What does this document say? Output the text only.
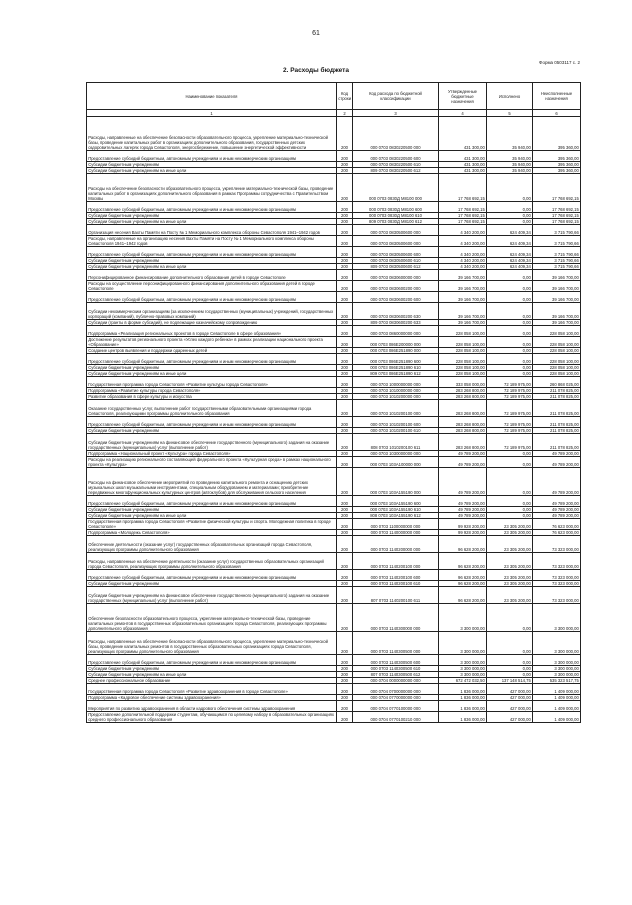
61
Форма 0503117 с. 2
2. Расходы бюджета
Наименование показателя	Код строки	Код расхода по бюджетной классификации	Утвержденные бюджетные назначения	Исполнено	Неисполненные назначения
1	2	3	4	5	6
Расходы, направленные на обеспечение безопасности образовательного процесса, укрепление материально-технической базы, проведение капитальных работ в организациях дополнительного образования, государственных детских оздоровительных лагерях города Севастополя, энергосбережение, повышение энергетической эффективности	200	000 0703 0830220500 000	431 300,00	35 940,00	395 360,00
Предоставление субсидий бюджетным, автономным учреждениям и иным некоммерческим организациям	200	000 0703 0830220500 600	431 300,00	35 940,00	395 360,00
Субсидии бюджетным учреждениям	200	000 0703 0830220500 610	431 300,00	35 940,00	395 360,00
Субсидии бюджетным учреждениям на иные цели	200	809 0703 0830220500 612	431 300,00	35 940,00	395 360,00
Расходы на обеспечение безопасности образовательного процесса, укрепление материально-технической базы, проведение капитальных работ в организациях дополнительного образования в рамках Программы сотрудничества с Правительством Москвы	200	000 0703 0830Д М8100 000	17 768 692,15	0,00	17 768 692,15
Предоставление субсидий бюджетным, автономным учреждениям и иным некоммерческим организациям	200	000 0703 0830Д М8100 600	17 768 692,15	0,00	17 768 692,15
Субсидии бюджетным учреждениям	200	000 0703 0830Д М8100 610	17 768 692,15	0,00	17 768 692,15
Субсидии бюджетным учреждениям на иные цели	200	809 0703 0830Д М8100 612	17 768 692,15	0,00	17 768 692,15
Организация несения Вахты Памяти на Посту № 1 Мемориального комплекса обороны Севастополя 1941–1942 годов	200	000 0703 0830500600 000	4 340 200,00	624 409,34	3 715 790,66
Расходы, направленные на организацию несения Вахты Памяти на Посту № 1 Мемориального комплекса обороны Севастополя 1941–1942 годов	200	000 0703 0830500600 000	4 340 200,00	624 409,34	3 715 790,66
Предоставление субсидий бюджетным, автономным учреждениям и иным некоммерческим организациям	200	000 0703 0830500600 600	4 340 200,00	624 409,34	3 715 790,66
Субсидии бюджетным учреждениям	200	000 0703 0830500600 610	4 340 200,00	624 409,34	3 715 790,66
Субсидии бюджетным учреждениям на иные цели	200	809 0703 0830500600 612	4 340 200,00	624 409,34	3 715 790,66
Персонифицированное финансирование дополнительного образования детей в городе Севастополе	200	000 0703 0830600000 000	39 166 700,00	0,00	39 166 700,00
Расходы на осуществление персонифицированного финансирования дополнительного образования детей в городе Севастополе	200	000 0703 0830600200 000	39 166 700,00	0,00	39 166 700,00
Предоставление субсидий бюджетным, автономным учреждениям и иным некоммерческим организациям	200	000 0703 0830600200 600	39 166 700,00	0,00	39 166 700,00
Субсидии некоммерческим организациям (за исключением государственных (муниципальных) учреждений, государственных корпораций (компаний), публично-правовых компаний)	200	000 0703 0830600200 630	39 166 700,00	0,00	39 166 700,00
Субсидии (гранты в форме субсидий), не подлежащие казначейскому сопровождению	200	809 0703 0830600200 633	39 166 700,00	0,00	39 166 700,00
Подпрограмма «Реализация региональных проектов в городе Севастополе в сфере образования»	200	000 0703 0860000000 000	228 058 100,00	0,00	228 058 100,00
Достижение результатов регионального проекта «Успех каждого ребенка» в рамках реализации национального проекта «Образование»	200	000 0703 086E200000 000	228 058 100,00	0,00	228 058 100,00
Создание центров выявления и поддержки одаренных детей	200	000 0703 086E251890 000	228 058 100,00	0,00	228 058 100,00
Предоставление субсидий бюджетным, автономным учреждениям и иным некоммерческим организациям	200	000 0703 086E251890 600	228 058 100,00	0,00	228 058 100,00
Субсидии бюджетным учреждениям	200	000 0703 086E251890 610	228 058 100,00	0,00	228 058 100,00
Субсидии бюджетным учреждениям на иные цели	200	809 0703 086E251890 612	228 058 100,00	0,00	228 058 100,00
Государственная программа города Севастополя «Развитие культуры города Севастополя»	200	000 0703 1000000000 000	333 058 000,00	72 189 975,00	260 868 025,00
Подпрограмма «Развитие культуры города Севастополя»	200	000 0703 1010000000 000	283 268 800,00	72 189 975,00	211 078 825,00
Развитие образования в сфере культуры и искусства	200	000 0703 1010200000 000	283 268 800,00	72 189 975,00	211 078 825,00
Оказание государственных услуг, выполнение работ государственными образовательными организациями города Севастополя, реализующими программы дополнительного образования	200	000 0703 1010200100 000	283 268 800,00	72 189 975,00	211 078 825,00
Предоставление субсидий бюджетным, автономным учреждениям и иным некоммерческим организациям	200	000 0703 1010200100 600	283 268 800,00	72 189 975,00	211 078 825,00
Субсидии бюджетным учреждениям	200	000 0703 1010200100 610	283 268 800,00	72 189 975,00	211 078 825,00
Субсидии бюджетным учреждениям на финансовое обеспечение государственного (муниципального) задания на оказание государственных (муниципальных) услуг (выполнение работ)	200	808 0703 1010200100 611	283 268 800,00	72 189 975,00	211 078 825,00
Подпрограмма «Национальный проект «Культура» города Севастополя»	200	000 0703 1030000000 000	49 789 200,00	0,00	49 789 200,00
Расходы на реализацию регионального составляющей федерального проекта «Культурная среда» в рамках национального проекта «Культура»	200	000 0703 103A100000 000	49 789 200,00	0,00	49 789 200,00
Расходы на финансовое обеспечение мероприятий по проведению капитального ремонта и оснащению детских музыкальных школ музыкальными инструментами, специальным оборудованием и материалами; приобретение передвижных многофункциональных культурных центров (автоклубов) для обслуживания сельского населения	200	000 0703 103A155190 000	49 789 200,00	0,00	49 789 200,00
Предоставление субсидий бюджетным, автономным учреждениям и иным некоммерческим организациям	200	000 0703 103A155190 600	49 789 200,00	0,00	49 789 200,00
Субсидии бюджетным учреждениям	200	000 0703 103A155190 610	49 789 200,00	0,00	49 789 200,00
Субсидии бюджетным учреждениям на иные цели	200	808 0703 103A155190 612	49 789 200,00	0,00	49 789 200,00
Государственная программа города Севастополя «Развитие физической культуры и спорта. Молодежная политика в городе Севастополе»	200	000 0703 1100000000 000	99 928 200,00	23 305 200,00	76 623 000,00
Подпрограмма «Молодежь Севастополя»	200	000 0703 1140000000 000	99 928 200,00	23 305 200,00	76 623 000,00
Обеспечение деятельности (оказание услуг) государственных образовательных организаций города Севастополя, реализующих программы дополнительного образования	200	000 0703 1140200000 000	96 628 200,00	23 305 200,00	73 323 000,00
Расходы, направленные на обеспечение деятельности (оказание услуг) государственных образовательных организаций города Севастополя, реализующих программы дополнительного образования	200	000 0703 1140200100 000	96 628 200,00	23 305 200,00	73 323 000,00
Предоставление субсидий бюджетным, автономным учреждениям и иным некоммерческим организациям	200	000 0703 1140200100 600	96 628 200,00	23 305 200,00	73 323 000,00
Субсидии бюджетным учреждениям	200	000 0703 1140200100 610	96 628 200,00	23 305 200,00	73 323 000,00
Субсидии бюджетным учреждениям на финансовое обеспечение государственного (муниципального) задания на оказание государственных (муниципальных) услуг (выполнение работ)	200	807 0703 1140200100 611	96 628 200,00	23 305 200,00	73 323 000,00
Обеспечение безопасности образовательного процесса, укрепление материально-технической базы, проведение капитальных ремонтов в государственных образовательных организациях города Севастополя, реализующих программы дополнительного образования	200	000 0703 1140300000 000	3 300 000,00	0,00	3 300 000,00
Расходы, направленные на обеспечение безопасности образовательного процесса, укрепление материально-технической базы, проведение капитальных ремонтов в государственных образовательных организациях города Севастополя, реализующих программы дополнительного образования	200	000 0703 1140300500 000	3 300 000,00	0,00	3 300 000,00
Предоставление субсидий бюджетным, автономным учреждениям и иным некоммерческим организациям	200	000 0703 1140300500 600	3 300 000,00	0,00	3 300 000,00
Субсидии бюджетным учреждениям	200	000 0703 1140300500 610	3 300 000,00	0,00	3 300 000,00
Субсидии бюджетным учреждениям на иные цели	200	807 0703 1140300500 612	3 300 000,00	0,00	3 300 000,00
Среднее профессиональное образование	200	000 0704 0000000000 000	672 472 032,50	137 148 514,75	535 323 517,75
Государственная программа города Севастополя «Развитие здравоохранения в городе Севастополе»	200	000 0704 0700000000 000	1 836 000,00	427 000,00	1 409 000,00
Подпрограмма «Кадровое обеспечение системы здравоохранения»	200	000 0704 0770000000 000	1 836 000,00	427 000,00	1 409 000,00
Мероприятия по развитию здравоохранения в области кадрового обеспечения системы здравоохранения	200	000 0704 0770100000 000	1 836 000,00	427 000,00	1 409 000,00
Предоставление дополнительной поддержки студентам, обучающимся по целевому набору в образовательных организациях среднего профессионального образования	200	000 0704 0770100210 000	1 836 000,00	427 000,00	1 409 000,00
